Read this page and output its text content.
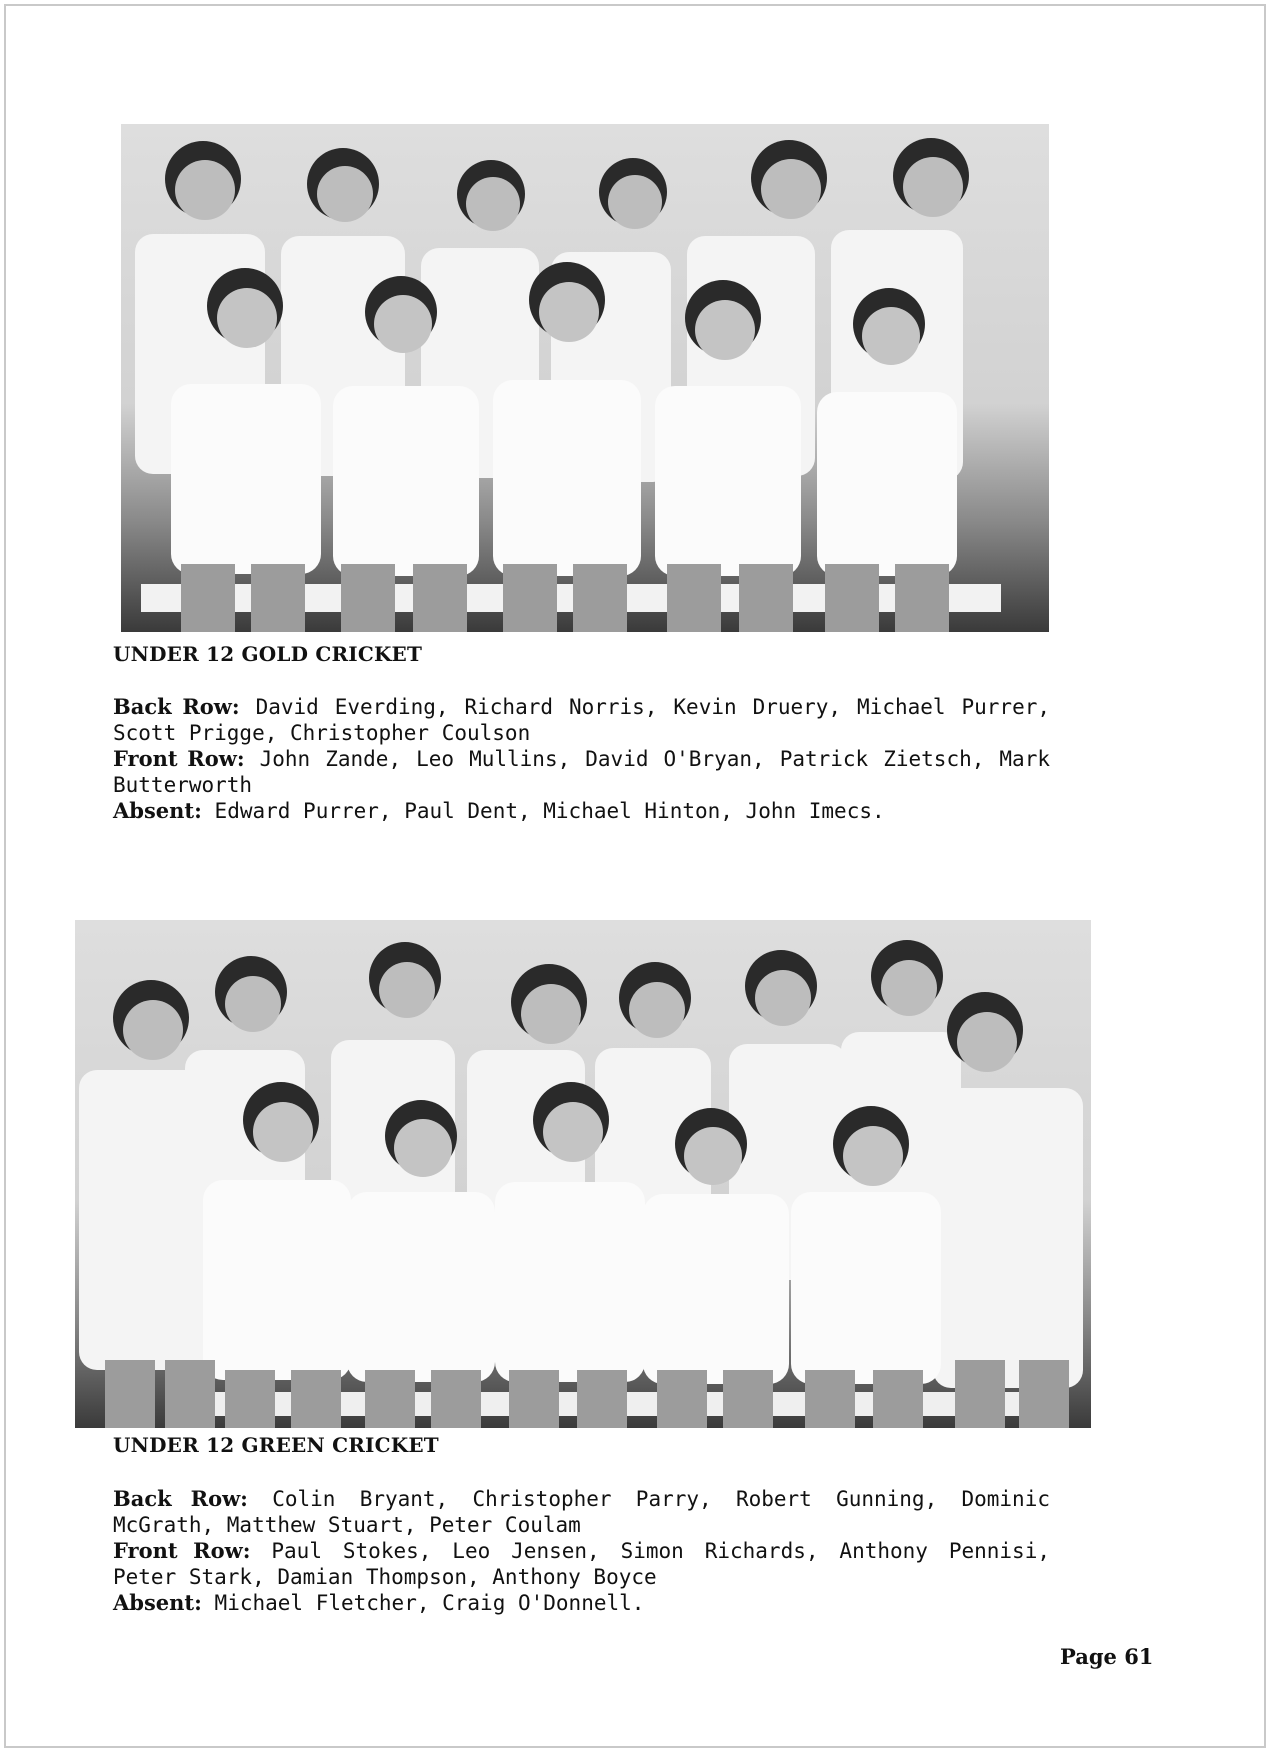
UNDER 12 GOLD CRICKET

Back Row: David Everding, Richard Norris, Kevin Druery, Michael Purrer, Scott Prigge, Christopher Coulson

Front Row: John Zande, Leo Mullins, David O'Bryan, Patrick Zietsch, Mark Butterworth

Absent: Edward Purrer, Paul Dent, Michael Hinton, John Imecs.

UNDER 12 GREEN CRICKET

Back Row: Colin Bryant, Christopher Parry, Robert Gunning, Dominic McGrath, Matthew Stuart, Peter Coulam

Front Row: Paul Stokes, Leo Jensen, Simon Richards, Anthony Pennisi, Peter Stark, Damian Thompson, Anthony Boyce

Absent: Michael Fletcher, Craig O'Donnell.

Page 61
